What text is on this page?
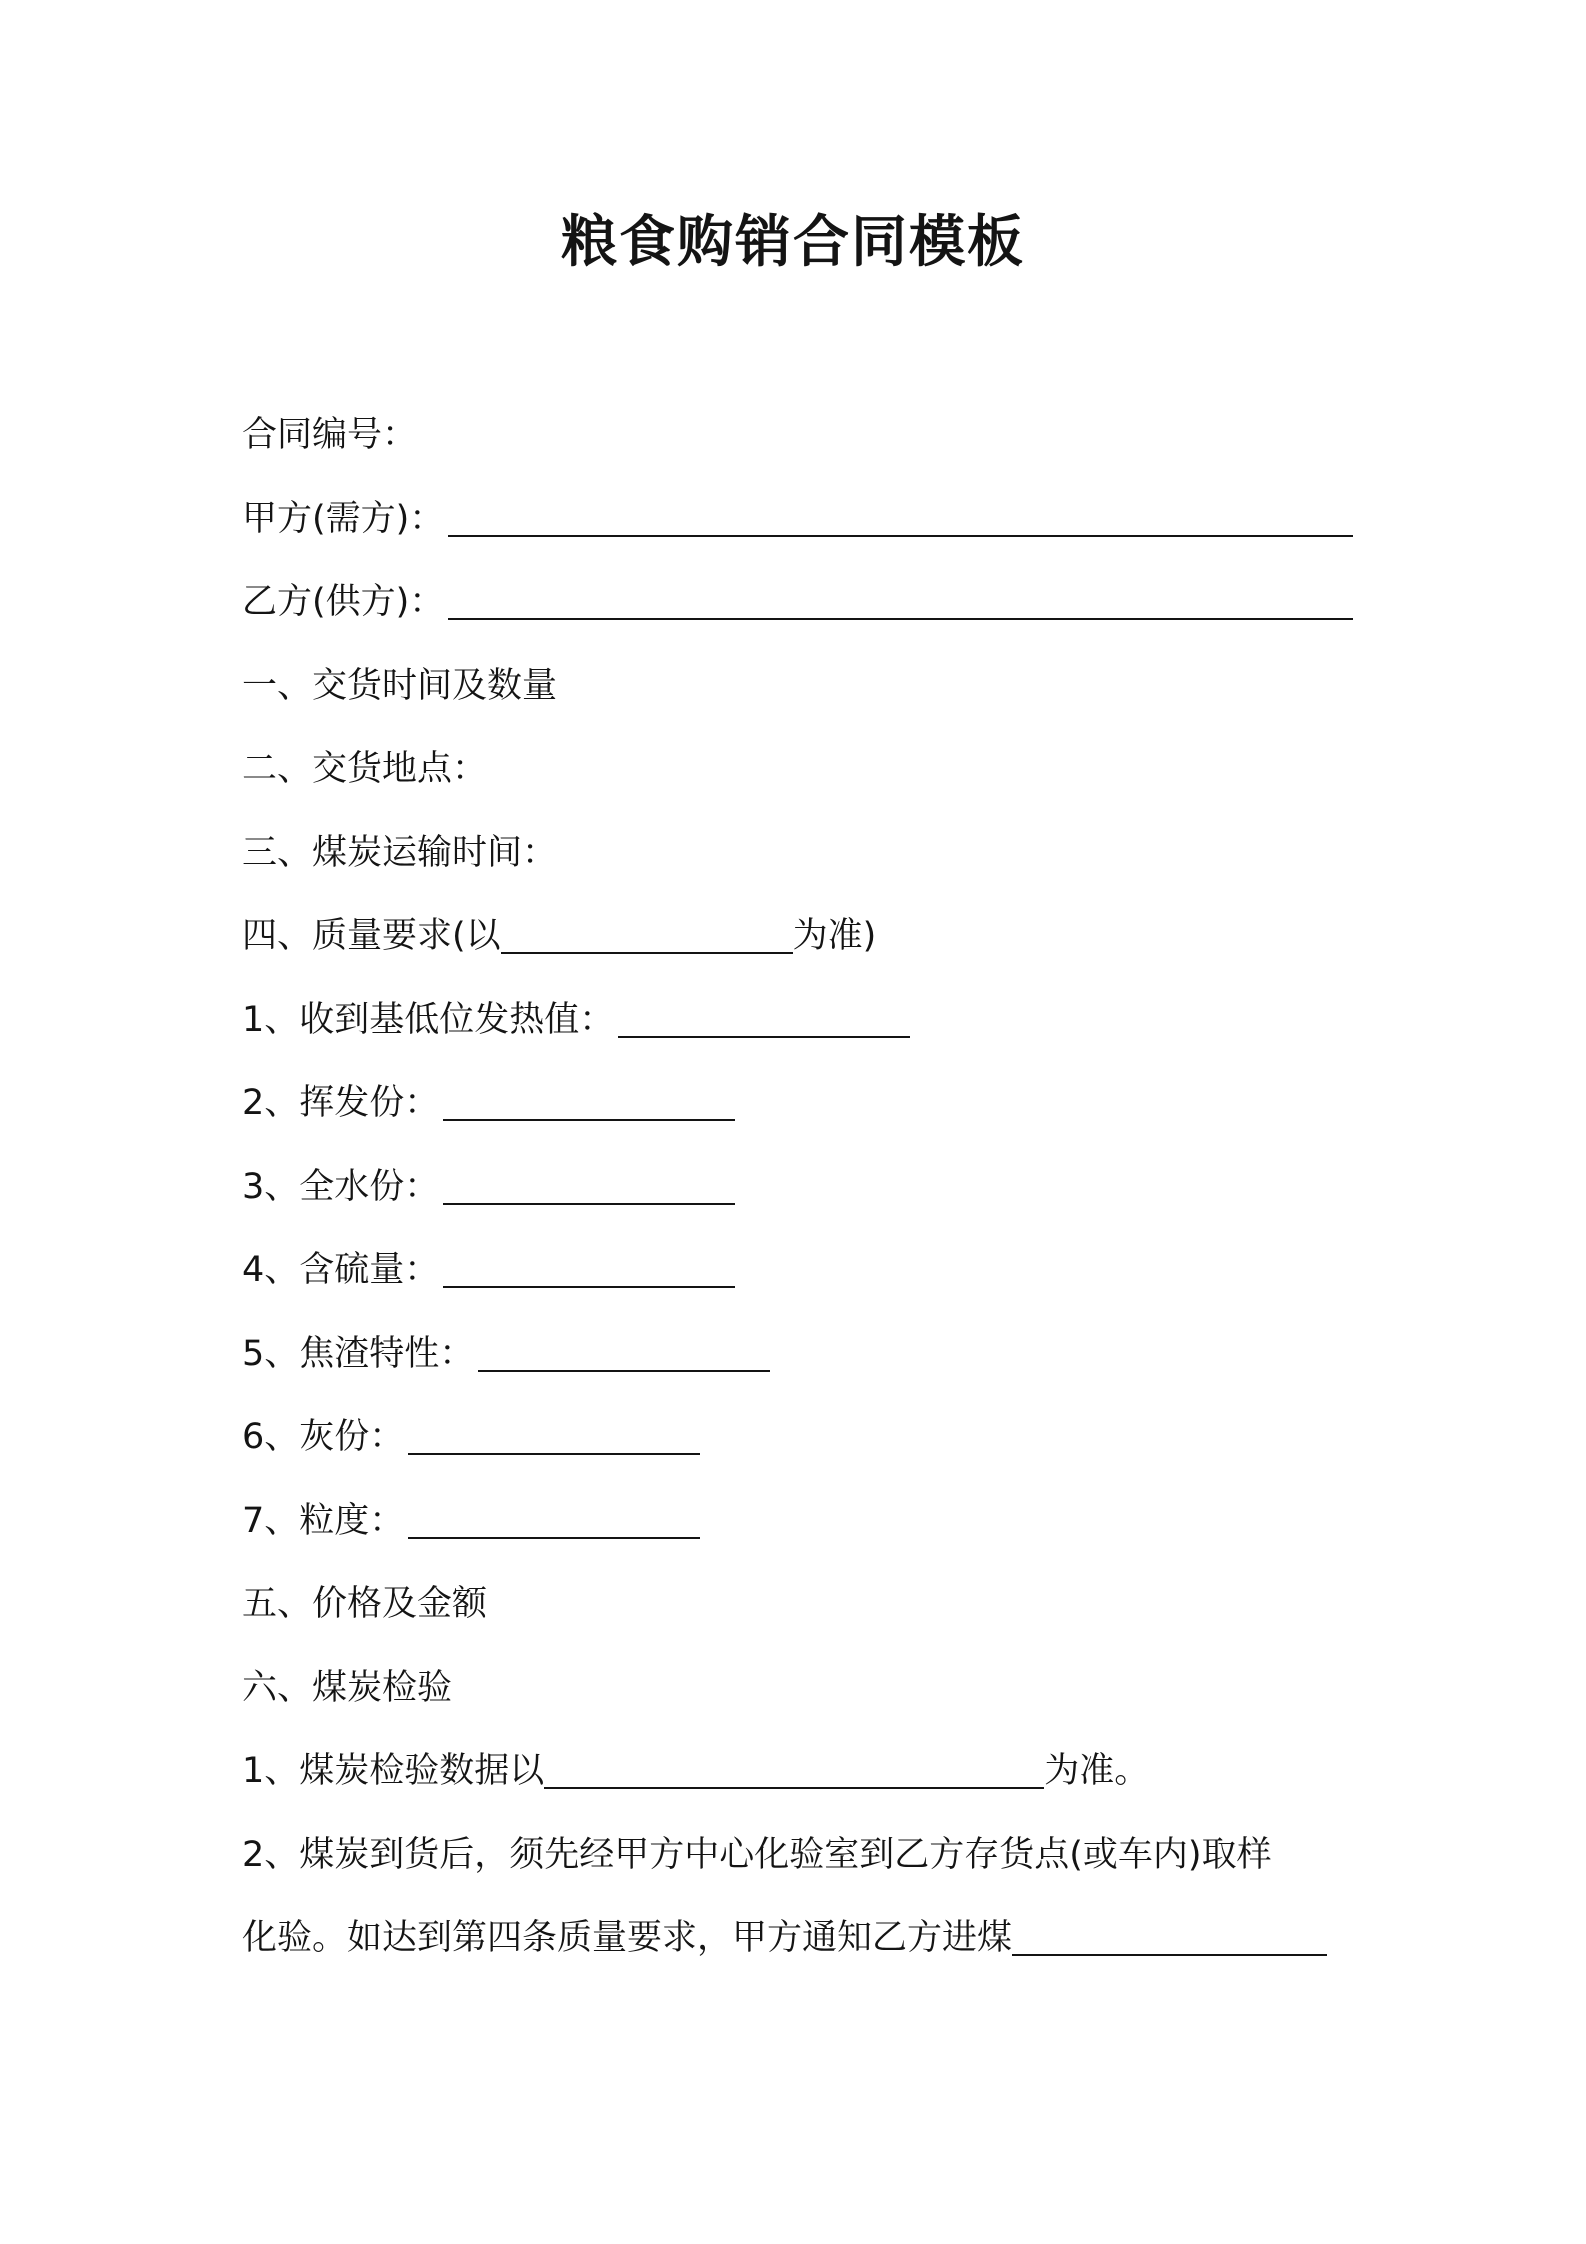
粮食购销合同模板
合同编号：
甲方(需方)：
乙方(供方)：
一、交货时间及数量
二、交货地点：
三、煤炭运输时间：
四、质量要求(以	为准)
1、收到基低位发热值：
2、挥发份：
3、全水份：
4、含硫量：
5、焦渣特性：
6、灰份：
7、粒度：
五、价格及金额
六、煤炭检验
1、煤炭检验数据以	为准。
2、煤炭到货后，须先经甲方中心化验室到乙方存货点(或车内)取样
化验。如达到第四条质量要求，甲方通知乙方进煤
